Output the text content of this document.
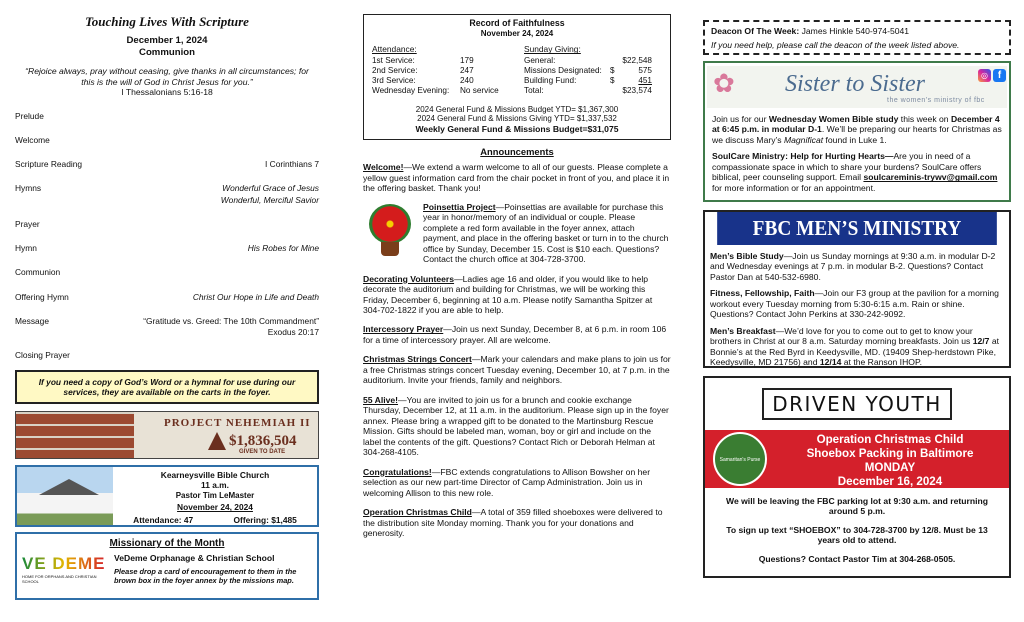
Touching Lives With Scripture
December 1, 2024
Communion
“Rejoice always, pray without ceasing, give thanks in all circumstances; for this is the will of God in Christ Jesus for you.”
I Thessalonians 5:16-18
Prelude
Welcome
Scripture Reading	I Corinthians 7
Hymns	Wonderful Grace of Jesus
Wonderful, Merciful Savior
Prayer
Hymn	His Robes for Mine
Communion
Offering Hymn	Christ Our Hope in Life and Death
Message	“Gratitude vs. Greed: The 10th Commandment”
Exodus 20:17
Closing Prayer
If you need a copy of God’s Word or a hymnal for use during our services, they are available on the carts in the foyer.
PROJECT NEHEMIAH II
$1,836,504
GIVEN TO DATE
Kearneysville Bible Church
11 a.m.
Pastor Tim LeMaster
November 24, 2024
Attendance: 47	Offering: $1,485
Missionary of the Month
VE DEME
HOME FOR ORPHANS AND CHRISTIAN SCHOOL
VeDeme Orphanage & Christian School
Please drop a card of encouragement to them in the brown box in the foyer annex by the missions map.
Record of Faithfulness
November 24, 2024
Attendance:	Sunday Giving:
1st Service:	179	General:	$22,548
2nd Service:	247	Missions Designated: $	575
3rd Service:	240	Building Fund:	$	451
Wednesday Evening:	No service	Total:	$23,574
2024 General Fund & Missions Budget YTD= $1,367,300
2024 General Fund & Missions Giving YTD= $1,337,532
Weekly General Fund & Missions Budget=$31,075
Announcements

Welcome!—We extend a warm welcome to all of our guests. Please complete a yellow guest information card from the chair pocket in front of you, and place it in the offering basket. Thank you!

Poinsettia Project—Poinsettias are available for purchase this year in honor/memory of an individual or couple. Please complete a red form available in the foyer annex, attach payment, and place in the offering basket or turn in to the church office by Sunday, December 15. Cost is $10 each. Questions? Contact the church office at 304-728-3700.

Decorating Volunteers—Ladies age 16 and older, if you would like to help decorate the auditorium and building for Christmas, we will be working this Friday, December 6, beginning at 10 a.m. Please notify Samantha Spitzer at 304-702-1822 if you are able to help.

Intercessory Prayer—Join us next Sunday, December 8, at 6 p.m. in room 106 for a time of intercessory prayer. All are welcome.

Christmas Strings Concert—Mark your calendars and make plans to join us for a free Christmas strings concert Tuesday evening, December 10, at 7 p.m. in the auditorium. Invite your friends, family and neighbors.

55 Alive!—You are invited to join us for a brunch and cookie exchange Thursday, December 12, at 11 a.m. in the auditorium. Please sign up in the foyer annex. Please bring a wrapped gift to be donated to the Martinsburg Rescue Mission. Gifts should be labeled man, woman, boy or girl and include on the label the contents of the gift. Questions? Contact Rich or Deborah Helman at 304-268-4105.

Congratulations!—FBC extends congratulations to Allison Bowsher on her selection as our new part-time Director of Camp Administration. Join us in welcoming Allison to this new role.

Operation Christmas Child—A total of 359 filled shoeboxes were delivered to the distribution site Monday morning. Thank you for your donations and generosity.

Deacon Of The Week: James Hinkle 540-974-5041
If you need help, please call the deacon of the week listed above.
✿ Sister to Sister
the women’s ministry of fbc
◎ f

Join us for our Wednesday Women Bible study this week on December 4 at 6:45 p.m. in modular D-1. We’ll be preparing our hearts for Christmas as we discuss Mary’s Magnificat found in Luke 1.

SoulCare Ministry: Help for Hurting Hearts—Are you in need of a compassionate space in which to share your burdens? SoulCare offers biblical, peer counseling support. Email soulcareminis-trywv@gmail.com for more information or for an appointment.

FBC MEN’S MINISTRY

Men’s Bible Study—Join us Sunday mornings at 9:30 a.m. in modular D-2 and Wednesday evenings at 7 p.m. in modular B-2. Questions? Contact Pastor Dan at 540-532-6980.

Fitness, Fellowship, Faith—Join our F3 group at the pavilion for a morning workout every Tuesday morning from 5:30-6:15 a.m. Rain or shine. Questions? Contact John Perkins at 330-242-9092.

Men’s Breakfast—We’d love for you to come out to get to know your brothers in Christ at our 8 a.m. Saturday morning breakfasts. Join us 12/7 at Bonnie’s at the Red Byrd in Keedysville, MD. (19409 Shep-herdstown Pike, Keedysville, MD 21756) and 12/14 at the Ranson IHOP.

DRIVEN YOUTH
Samaritan's Purse
Operation Christmas Child
Shoebox Packing in Baltimore
MONDAY
December 16, 2024

We will be leaving the FBC parking lot at 9:30 a.m. and returning around 5 p.m.

To sign up text “SHOEBOX” to 304-728-3700 by 12/8. Must be 13 years old to attend.

Questions? Contact Pastor Tim at 304-268-0505.
